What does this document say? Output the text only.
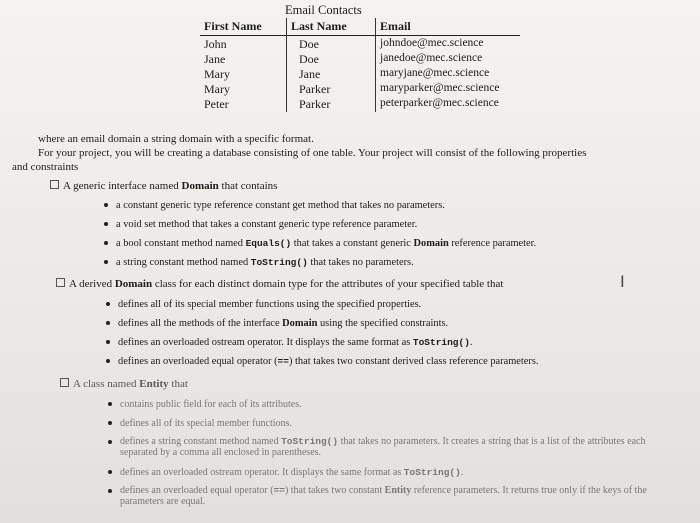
Email Contacts
First Name	Last Name	Email
John	Doe	johndoe@mec.science
Jane	Doe	janedoe@mec.science
Mary	Jane	maryjane@mec.science
Mary	Parker	maryparker@mec.science
Peter	Parker	peterparker@mec.science
where an email domain a string domain with a specific format.
For your project, you will be creating a database consisting of one table. Your project will consist of the following properties
and constraints
A generic interface named Domain that contains
a constant generic type reference constant get method that takes no parameters.
a void set method that takes a constant generic type reference parameter.
a bool constant method named Equals() that takes a constant generic Domain reference parameter.
a string constant method named ToString() that takes no parameters.
A derived Domain class for each distinct domain type for the attributes of your specified table that
defines all of its special member functions using the specified properties.
defines all the methods of the interface Domain using the specified constraints.
defines an overloaded ostream operator. It displays the same format as ToString().
defines an overloaded equal operator (==) that takes two constant derived class reference parameters.
A class named Entity that
contains public field for each of its attributes.
defines all of its special member functions.
defines a string constant method named ToString() that takes no parameters. It creates a string that is a list of the attributes each separated by a comma all enclosed in parentheses.
defines an overloaded ostream operator. It displays the same format as ToString().
defines an overloaded equal operator (==) that takes two constant Entity reference parameters. It returns true only if the keys of the parameters are equal.
I
